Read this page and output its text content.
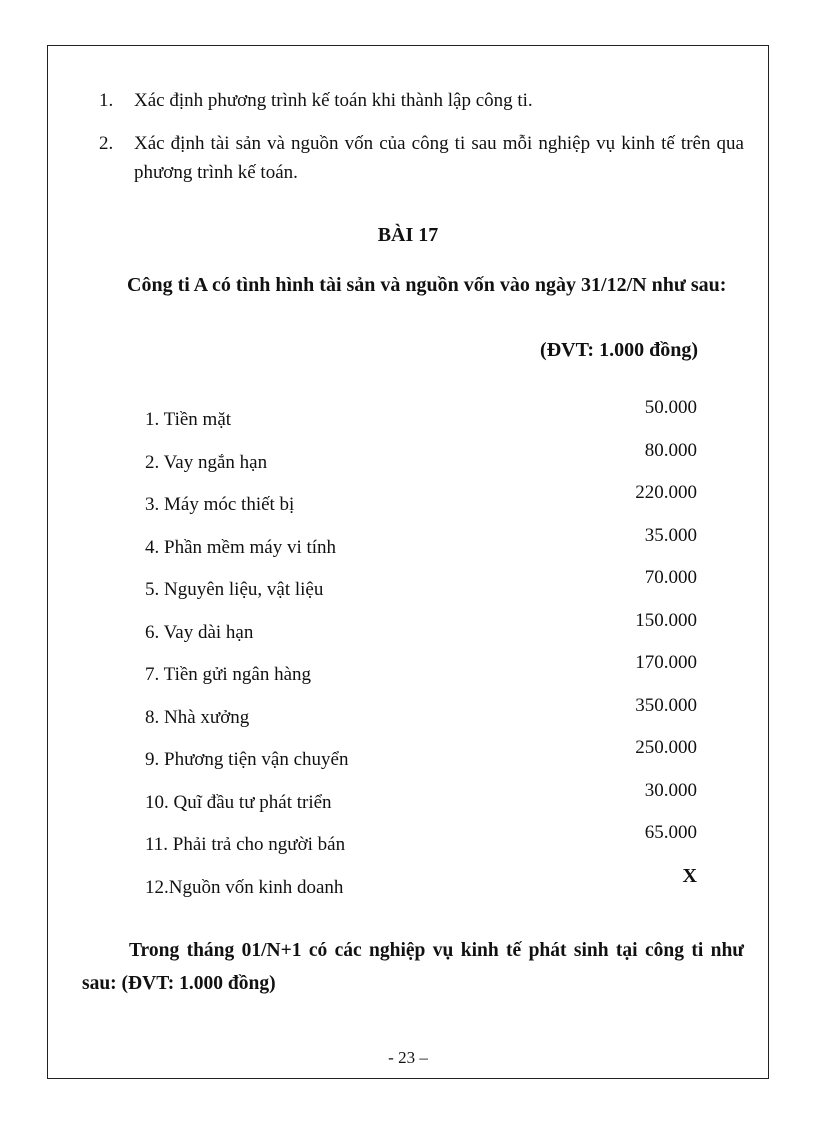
1. Xác định phương trình kế toán khi thành lập công ti.
2. Xác định tài sản và nguồn vốn của công ti sau mỗi nghiệp vụ kinh tế trên qua phương trình kế toán.
BÀI 17
Công ti A có tình hình tài sản và nguồn vốn vào ngày 31/12/N như sau:
(ĐVT: 1.000 đồng)
1. Tiền mặt
50.000
2. Vay ngắn hạn
80.000
3. Máy móc thiết bị
220.000
4. Phần mềm máy vi tính
35.000
5. Nguyên liệu, vật liệu
70.000
6. Vay dài hạn
150.000
7. Tiền gửi ngân hàng
170.000
8. Nhà xưởng
350.000
9. Phương tiện vận chuyển
250.000
10. Quĩ đầu tư phát triển
30.000
11. Phải trả cho người bán
65.000
12.Nguồn vốn kinh doanh
X
Trong tháng 01/N+1 có các nghiệp vụ kinh tế phát sinh tại công ti như sau: (ĐVT: 1.000 đồng)
- 23 –
